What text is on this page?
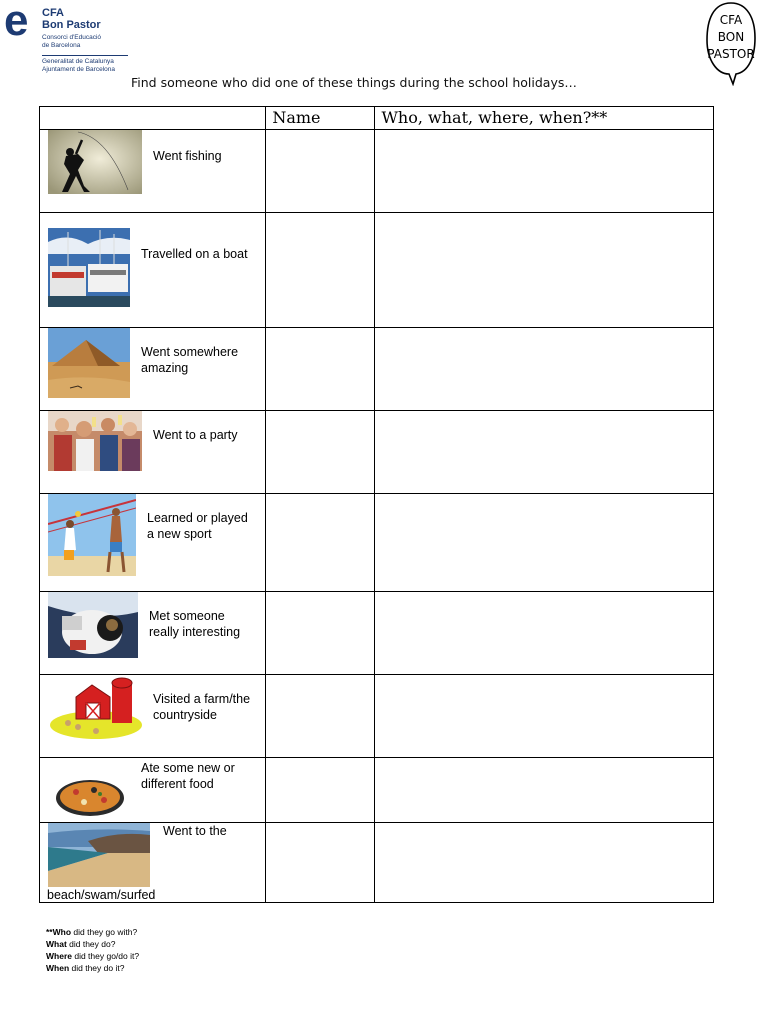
e	CFA
Bon Pastor
Consorci d'Educació
de Barcelona
Generalitat de Catalunya
Ajuntament de Barcelona
CFA
BON
PASTOR
Find someone who did one of these things during the school holidays…
	Name	Who, what, where, when?**

Went fishing		

Travelled on a boat		

Went somewhere
amazing		

Went to a party		

Learned or played
a new sport		

Met someone
really interesting		

Visited a farm/the
countryside		

Ate some new or
different food		

Went to the
beach/swam/surfed		

**Who did they go with?
What did they do?
Where did they go/do it?
When did they do it?
